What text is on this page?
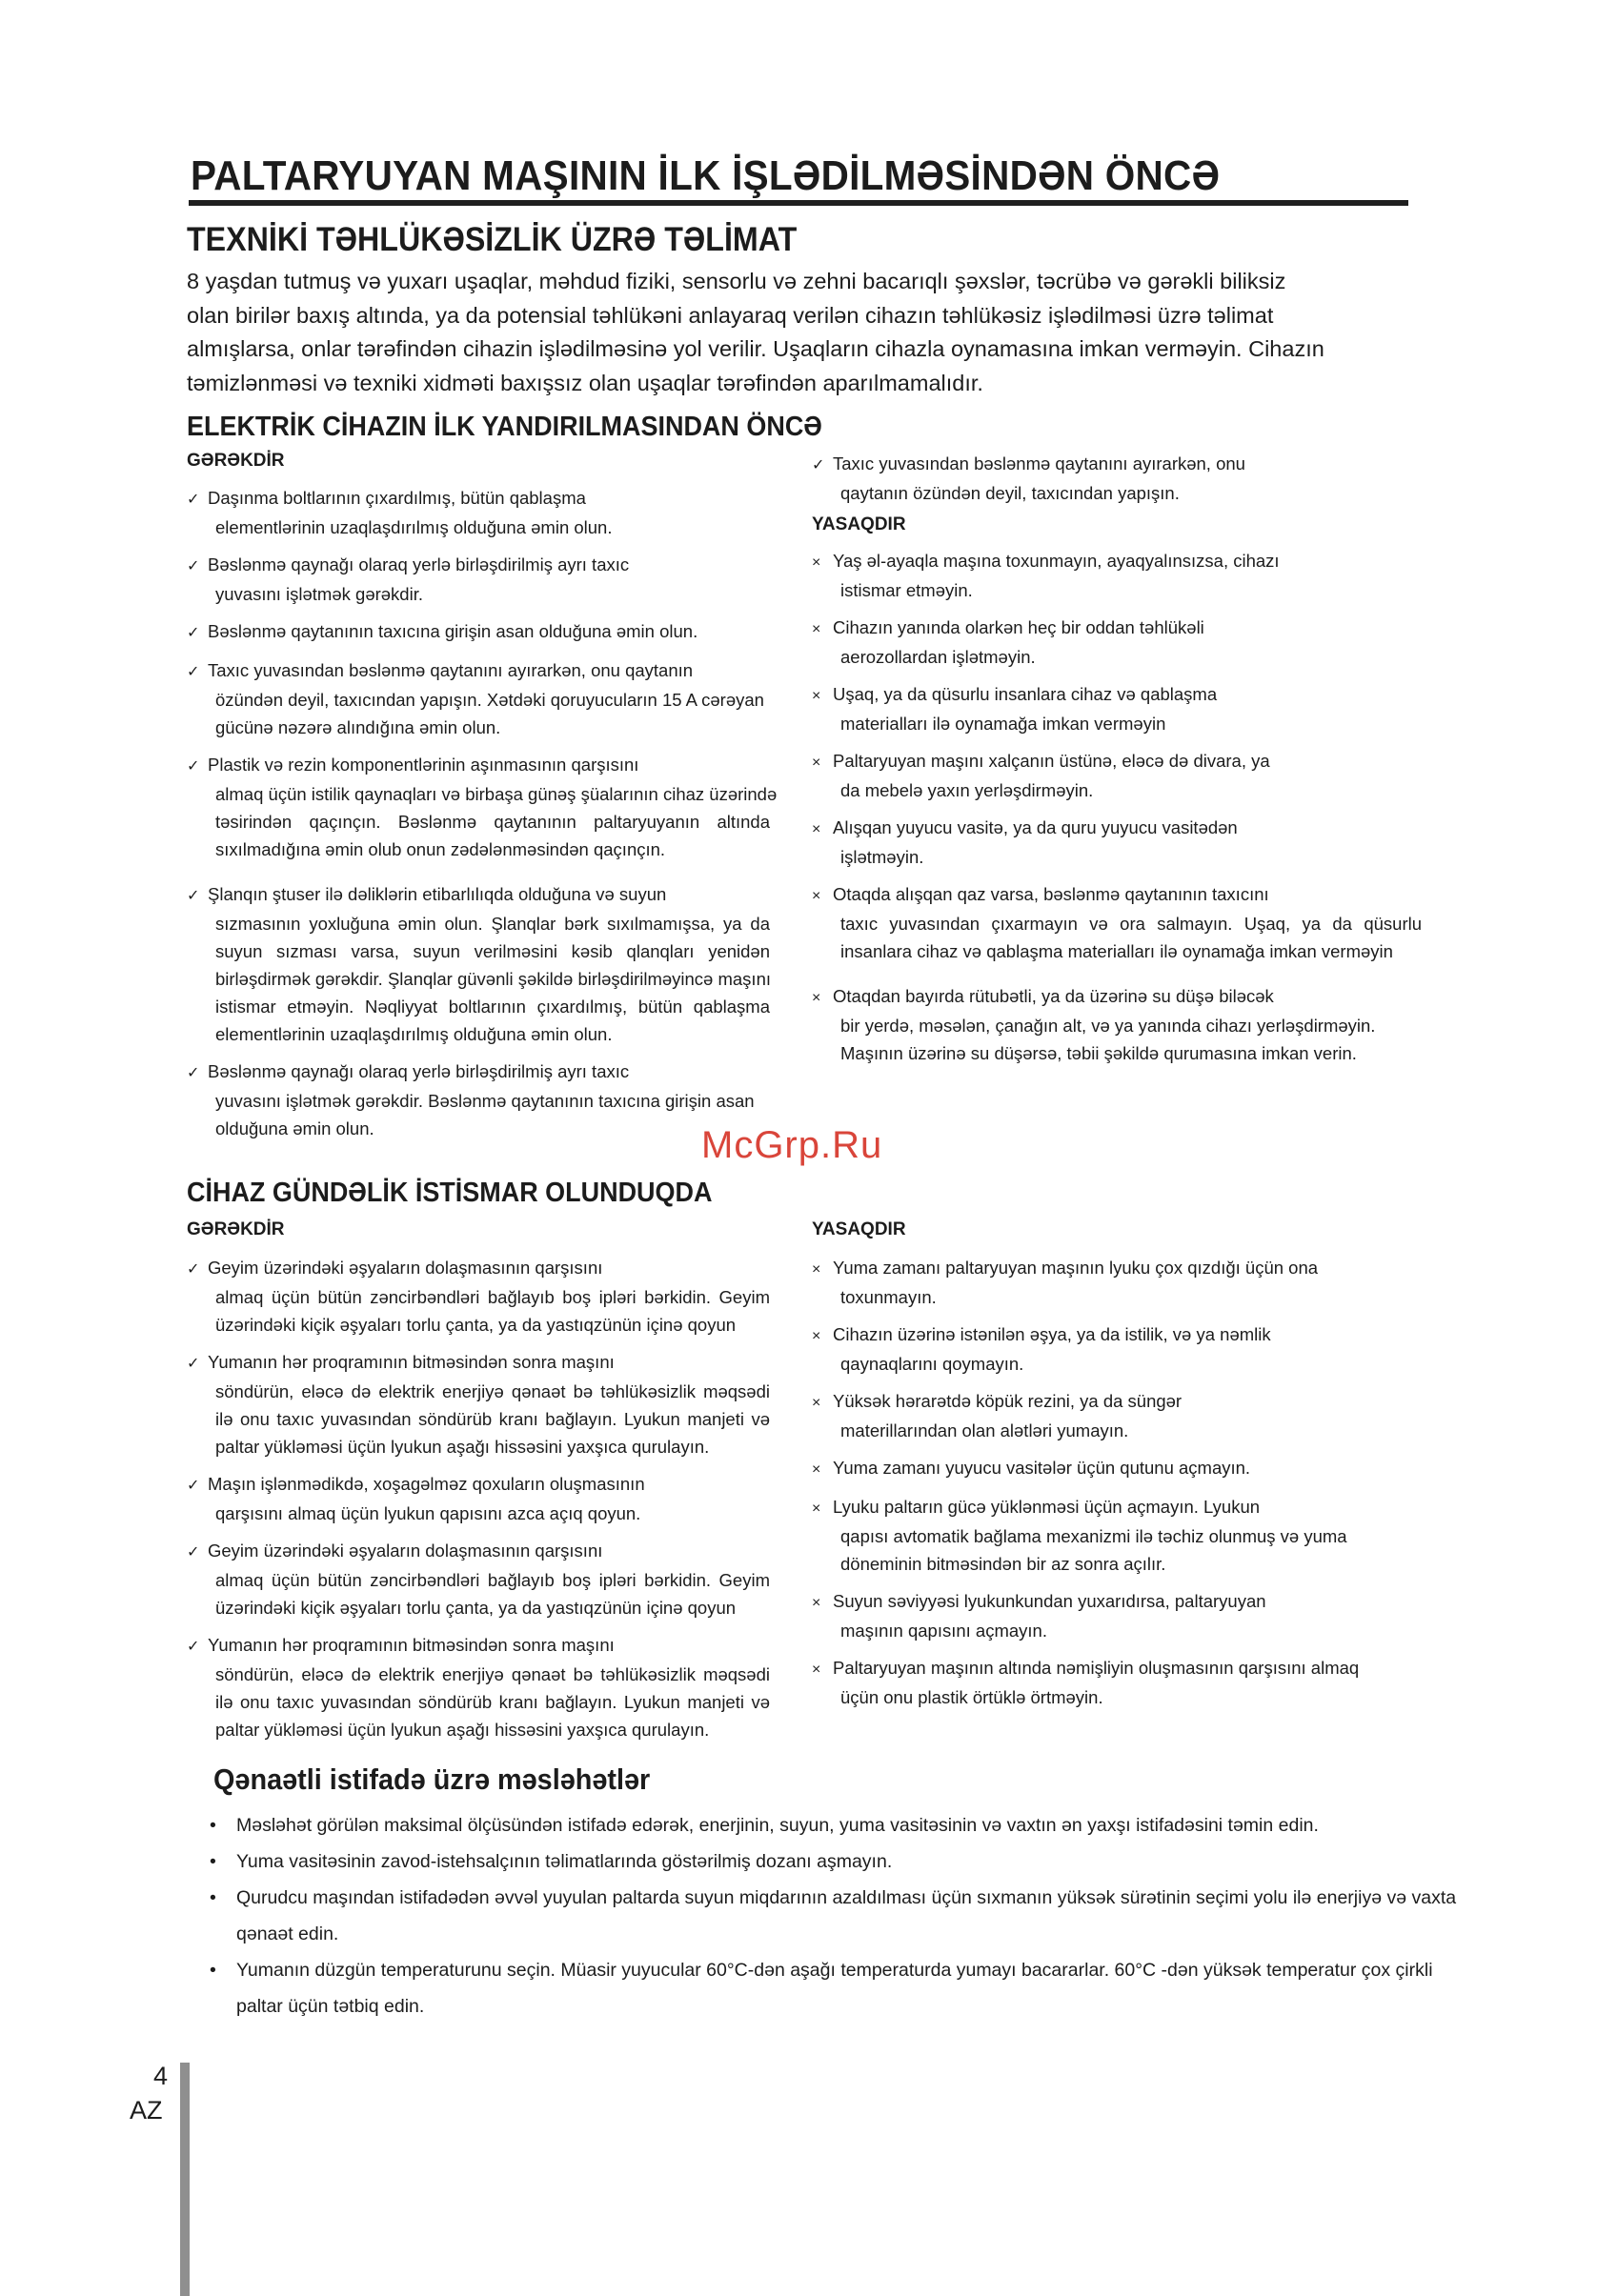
PALTARYUYAN MAŞININ İLK İŞLƏDİLMƏSİNDƏN ÖNCƏ
TEXNİKİ TƏHLÜKƏSİZLİK ÜZRƏ TƏLİMAT
8 yaşdan tutmuş və yuxarı uşaqlar, məhdud fiziki, sensorlu və zehni bacarıqlı şəxslər, təcrübə və gərəkli biliksiz
olan birilər baxış altında, ya da potensial təhlükəni anlayaraq verilən cihazın təhlükəsiz işlədilməsi üzrə təlimat
almışlarsa, onlar tərəfindən cihazin işlədilməsinə yol verilir. Uşaqların cihazla oynamasına imkan verməyin. Cihazın
təmizlənməsi və texniki xidməti baxışsız olan uşaqlar tərəfindən aparılmamalıdır.
ELEKTRİK CİHAZIN İLK YANDIRILMASINDAN ÖNCƏ
GƏRƏKDİR
✓ Daşınma boltlarının çıxardılmış, bütün qablaşma
elementlərinin uzaqlaşdırılmış olduğuna əmin olun.
✓ Bəslənmə qaynağı olaraq yerlə birləşdirilmiş ayrı taxıc
yuvasını işlətmək gərəkdir.
✓ Bəslənmə qaytanının taxıcına girişin asan olduğuna əmin olun.
✓ Taxıc yuvasından bəslənmə qaytanını ayırarkən, onu qaytanın
özündən deyil, taxıcından yapışın. Xətdəki qoruyucuların 15 A cərəyan
gücünə nəzərə alındığına əmin olun.
✓ Plastik və rezin komponentlərinin aşınmasının qarşısını
almaq üçün istilik qaynaqları və birbaşa günəş şüalarının cihaz üzərində
təsirindən qaçınçın. Bəslənmə qaytanının paltaryuyanın altında
sıxılmadığına əmin olub onun zədələnməsindən qaçınçın.
✓ Şlanqın ştuser ilə dəliklərin etibarlılıqda olduğuna və suyun
sızmasının yoxluğuna əmin olun. Şlanqlar bərk sıxılmamışsa, ya da
suyun sızması varsa, suyun verilməsini kəsib qlanqları yenidən
birləşdirmək gərəkdir. Şlanqlar güvənli şəkildə birləşdirilməyincə maşını
istismar etməyin. Nəqliyyat boltlarının çıxardılmış, bütün qablaşma
elementlərinin uzaqlaşdırılmış olduğuna əmin olun.
✓ Bəslənmə qaynağı olaraq yerlə birləşdirilmiş ayrı taxıc
yuvasını işlətmək gərəkdir. Bəslənmə qaytanının taxıcına girişin asan
olduğuna əmin olun.
✓ Taxıc yuvasından bəslənmə qaytanını ayırarkən, onu
qaytanın özündən deyil, taxıcından yapışın.
YASAQDIR
× Yaş əl-ayaqla maşına toxunmayın, ayaqyalınsızsa, cihazı
istismar etməyin.
× Cihazın yanında olarkən heç bir oddan təhlükəli
aerozollardan işlətməyin.
× Uşaq, ya da qüsurlu insanlara cihaz və qablaşma
materialları ilə oynamağa imkan verməyin
× Paltaryuyan maşını xalçanın üstünə, eləcə də divara, ya
da mebelə yaxın yerləşdirməyin.
× Alışqan yuyucu vasitə, ya da quru yuyucu vasitədən
işlətməyin.
× Otaqda alışqan qaz varsa, bəslənmə qaytanının taxıcını
taxıc yuvasından çıxarmayın və ora salmayın. Uşaq, ya da qüsurlu
insanlara cihaz və qablaşma materialları ilə oynamağa imkan verməyin
× Otaqdan bayırda rütubətli, ya da üzərinə su düşə biləcək
bir yerdə, məsələn, çanağın alt, və ya yanında cihazı yerləşdirməyin.
Maşının üzərinə su düşərsə, təbii şəkildə qurumasına imkan verin.
McGrp.Ru
CİHAZ GÜNDƏLİK İSTİSMAR OLUNDUQDA
GƏRƏKDİR	YASAQDIR
✓ Geyim üzərindəki əşyaların dolaşmasının qarşısını
almaq üçün bütün zəncirbəndləri bağlayıb boş ipləri bərkidin. Geyim
üzərindəki kiçik əşyaları torlu çanta, ya da yastıqzünün içinə qoyun
✓ Yumanın hər proqramının bitməsindən sonra maşını
söndürün, eləcə də elektrik enerjiyə qənaət bə təhlükəsizlik məqsədi
ilə onu taxıc yuvasından söndürüb kranı bağlayın. Lyukun manjeti və
paltar yükləməsi üçün lyukun aşağı hissəsini yaxşıca qurulayın.
✓ Maşın işlənmədikdə, xoşagəlməz qoxuların oluşmasının
qarşısını almaq üçün lyukun qapısını azca açıq qoyun.
✓ Geyim üzərindəki əşyaların dolaşmasının qarşısını
almaq üçün bütün zəncirbəndləri bağlayıb boş ipləri bərkidin. Geyim
üzərindəki kiçik əşyaları torlu çanta, ya da yastıqzünün içinə qoyun
✓ Yumanın hər proqramının bitməsindən sonra maşını
söndürün, eləcə də elektrik enerjiyə qənaət bə təhlükəsizlik məqsədi
ilə onu taxıc yuvasından söndürüb kranı bağlayın. Lyukun manjeti və
paltar yükləməsi üçün lyukun aşağı hissəsini yaxşıca qurulayın.
× Yuma zamanı paltaryuyan maşının lyuku çox qızdığı üçün ona
toxunmayın.
× Cihazın üzərinə istənilən əşya, ya da istilik, və ya nəmlik
qaynaqlarını qoymayın.
× Yüksək hərarətdə köpük rezini, ya da süngər
materillarından olan alətləri yumayın.
× Yuma zamanı yuyucu vasitələr üçün qutunu açmayın.
× Lyuku paltarın gücə yüklənməsi üçün açmayın. Lyukun
qapısı avtomatik bağlama mexanizmi ilə təchiz olunmuş və yuma
döneminin bitməsindən bir az sonra açılır.
× Suyun səviyyəsi lyukunkundan yuxarıdırsa, paltaryuyan
maşının qapısını açmayın.
× Paltaryuyan maşının altında nəmişliyin oluşmasının qarşısını almaq
üçün onu plastik örtüklə örtməyin.
Qənaətli istifadə üzrə məsləhətlər
• Məsləhət görülən maksimal ölçüsündən istifadə edərək, enerjinin, suyun, yuma vasitəsinin və vaxtın ən yaxşı istifadəsini təmin edin.
• Yuma vasitəsinin zavod-istehsalçının təlimatlarında göstərilmiş dozanı aşmayın.
• Qurudcu maşından istifadədən əvvəl yuyulan paltarda suyun miqdarının azaldılması üçün sıxmanın yüksək sürətinin seçimi yolu ilə enerjiyə və vaxta
qənaət edin.
• Yumanın düzgün temperaturunu seçin. Müasir yuyucular 60°C-dən aşağı temperaturda yumayı bacararlar. 60°C -dən yüksək temperatur çox çirkli
paltar üçün tətbiq edin.
4
AZ
